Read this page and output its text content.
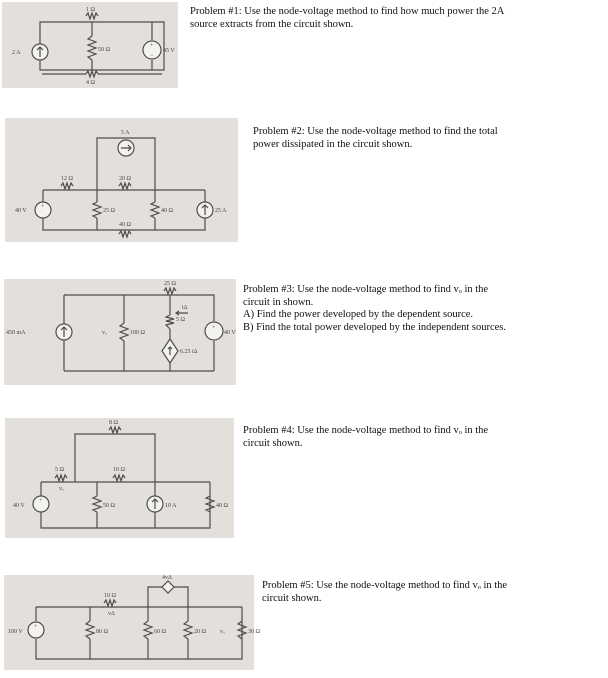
+
−
1 Ω
2 A	50 Ω	45 V
4 Ω
Problem #1: Use the node-voltage method to find how much power the 2A
source extracts from the circuit shown.
+
5 A
12 Ω	20 Ω
40 V	25 Ω	40 Ω	25 A
40 Ω
Problem #2: Use the node-voltage method to find the total
power dissipated in the circuit shown.
+
25 Ω
5 Ω
iΔ
450 mA	100 Ω
vₒ	40 V
6.25 iΔ
Problem #3: Use the node-voltage method to find vₒ in the
circuit in shown.
A) Find the power developed by the dependent source.
B) Find the total power developed by the independent sources.
+
8 Ω
5 Ω	10 Ω
vₒ
40 V	50 Ω	10 A	40 Ω
Problem #4: Use the node-voltage method to find vₒ in the
circuit shown.
+
4vΔ
10 Ω
vΔ
100 V	80 Ω	60 Ω	20 Ω vₒ	30 Ω
Problem #5: Use the node-voltage method to find vₒ in the
circuit shown.
